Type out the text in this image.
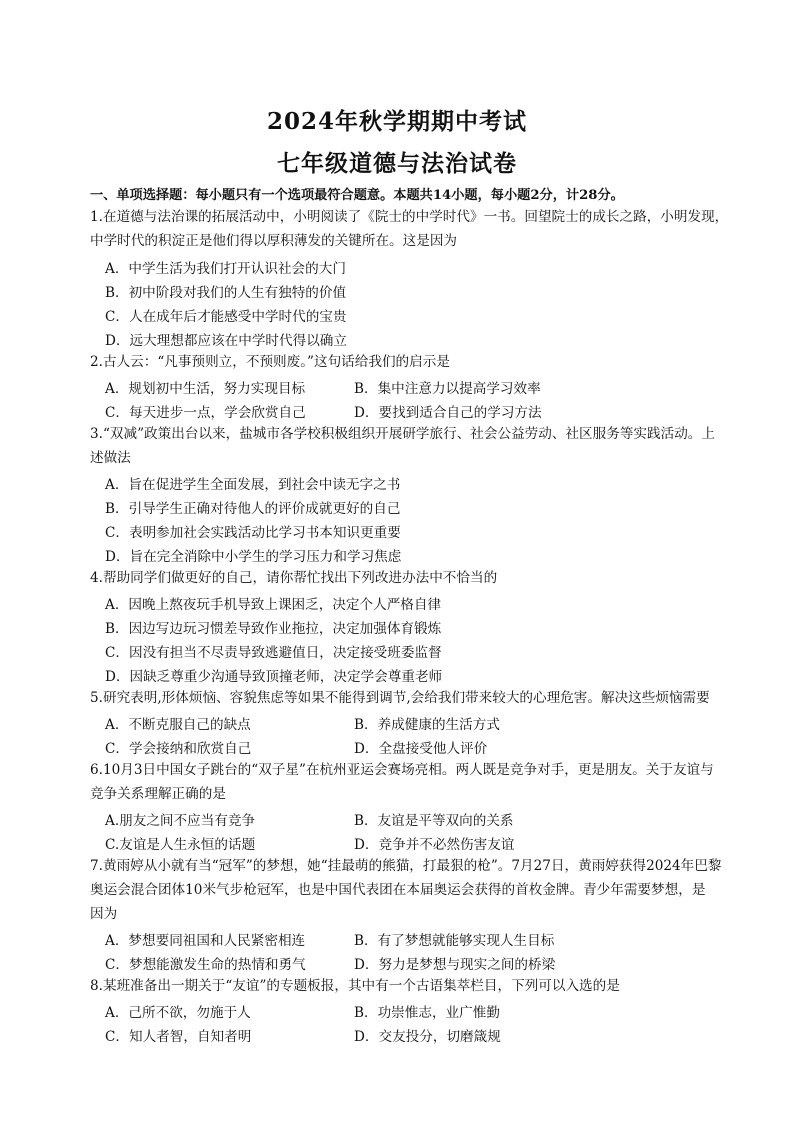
2024年秋学期期中考试
七年级道德与法治试卷
一、单项选择题：每小题只有一个选项最符合题意。本题共14小题，每小题2分，计28分。
1.在道德与法治课的拓展活动中，小明阅读了《院士的中学时代》一书。回望院士的成长之路，小明发现，
中学时代的积淀正是他们得以厚积薄发的关键所在。这是因为
A．中学生活为我们打开认识社会的大门
B．初中阶段对我们的人生有独特的价值
C．人在成年后才能感受中学时代的宝贵
D．远大理想都应该在中学时代得以确立
2.古人云：“凡事预则立，不预则废。”这句话给我们的启示是
A．规划初中生活，努力实现目标	B．集中注意力以提高学习效率
C．每天进步一点，学会欣赏自己	D．要找到适合自己的学习方法
3.“双减”政策出台以来，盐城市各学校积极组织开展研学旅行、社会公益劳动、社区服务等实践活动。上
述做法
A．旨在促进学生全面发展，到社会中读无字之书
B．引导学生正确对待他人的评价成就更好的自己
C．表明参加社会实践活动比学习书本知识更重要
D．旨在完全消除中小学生的学习压力和学习焦虑
4.帮助同学们做更好的自己，请你帮忙找出下列改进办法中不恰当的
A．因晚上熬夜玩手机导致上课困乏，决定个人严格自律
B．因边写边玩习惯差导致作业拖拉，决定加强体育锻炼
C．因没有担当不尽责导致逃避值日，决定接受班委监督
D．因缺乏尊重少沟通导致顶撞老师，决定学会尊重老师
5.研究表明,形体烦恼、容貌焦虑等如果不能得到调节,会给我们带来较大的心理危害。解决这些烦恼需要
A．不断克服自己的缺点	B．养成健康的生活方式
C．学会接纳和欣赏自己	D．全盘接受他人评价
6.10月3日中国女子跳台的“双子星”在杭州亚运会赛场亮相。两人既是竞争对手，更是朋友。关于友谊与
竞争关系理解正确的是
A.朋友之间不应当有竞争	B．友谊是平等双向的关系
C.友谊是人生永恒的话题	D．竞争并不必然伤害友谊
7.黄雨婷从小就有当“冠军”的梦想，她“挂最萌的熊猫，打最狠的枪”。7月27日，黄雨婷获得2024年巴黎
奥运会混合团体10米气步枪冠军，也是中国代表团在本届奥运会获得的首枚金牌。青少年需要梦想，是
因为
A．梦想要同祖国和人民紧密相连	B．有了梦想就能够实现人生目标
C．梦想能激发生命的热情和勇气	D．努力是梦想与现实之间的桥梁
8.某班准备出一期关于“友谊”的专题板报，其中有一个古语集萃栏目，下列可以入选的是
A．己所不欲，勿施于人	B．功崇惟志，业广惟勤
C．知人者智，自知者明	D．交友投分，切磨箴规
